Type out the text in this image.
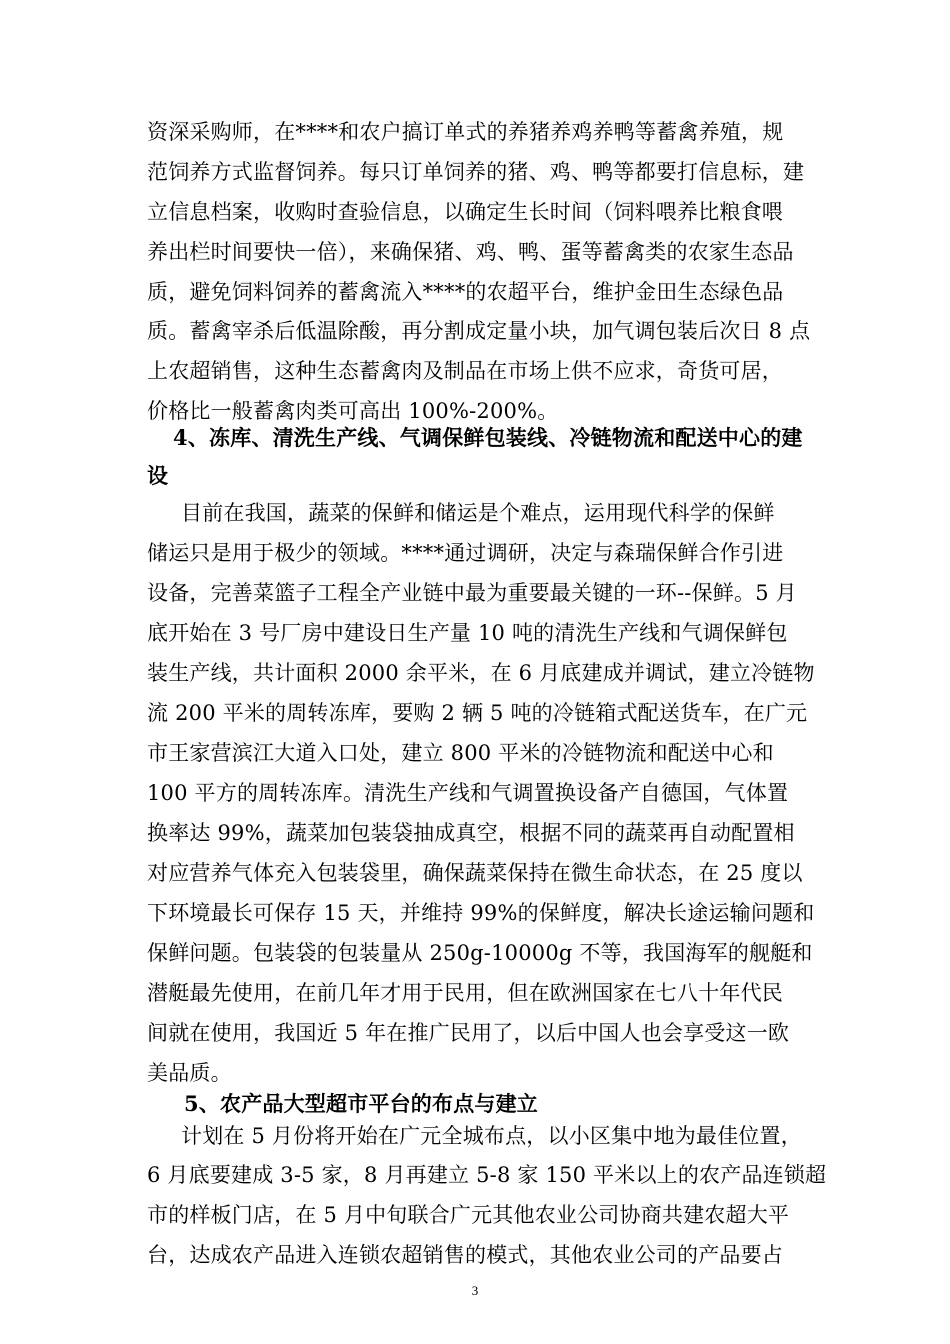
资深采购师，在****和农户搞订单式的养猪养鸡养鸭等蓄禽养殖，规
范饲养方式监督饲养。每只订单饲养的猪、鸡、鸭等都要打信息标，建
立信息档案，收购时查验信息，以确定生长时间（饲料喂养比粮食喂
养出栏时间要快一倍），来确保猪、鸡、鸭、蛋等蓄禽类的农家生态品
质，避免饲料饲养的蓄禽流入****的农超平台，维护金田生态绿色品
质。蓄禽宰杀后低温除酸，再分割成定量小块，加气调包装后次日 8 点
上农超销售，这种生态蓄禽肉及制品在市场上供不应求，奇货可居，
价格比一般蓄禽肉类可高出 100%-200%。
4、冻库、清洗生产线、气调保鲜包装线、冷链物流和配送中心的建
设
目前在我国，蔬菜的保鲜和储运是个难点，运用现代科学的保鲜
储运只是用于极少的领域。****通过调研，决定与森瑞保鲜合作引进
设备，完善菜篮子工程全产业链中最为重要最关键的一环--保鲜。5 月
底开始在 3 号厂房中建设日生产量 10 吨的清洗生产线和气调保鲜包
装生产线，共计面积 2000 余平米，在 6 月底建成并调试，建立冷链物
流 200 平米的周转冻库，要购 2 辆 5 吨的冷链箱式配送货车，在广元
市王家营滨江大道入口处，建立 800 平米的冷链物流和配送中心和
100 平方的周转冻库。清洗生产线和气调置换设备产自德国，气体置
换率达 99%，蔬菜加包装袋抽成真空，根据不同的蔬菜再自动配置相
对应营养气体充入包装袋里，确保蔬菜保持在微生命状态，在 25 度以
下环境最长可保存 15 天，并维持 99%的保鲜度，解决长途运输问题和
保鲜问题。包装袋的包装量从 250g-10000g 不等，我国海军的舰艇和
潜艇最先使用，在前几年才用于民用，但在欧洲国家在七八十年代民
间就在使用，我国近 5 年在推广民用了，以后中国人也会享受这一欧
美品质。
5、农产品大型超市平台的布点与建立
计划在 5 月份将开始在广元全城布点，以小区集中地为最佳位置，
6 月底要建成 3-5 家，8 月再建立 5-8 家 150 平米以上的农产品连锁超
市的样板门店，在 5 月中旬联合广元其他农业公司协商共建农超大平
台，达成农产品进入连锁农超销售的模式，其他农业公司的产品要占
3
